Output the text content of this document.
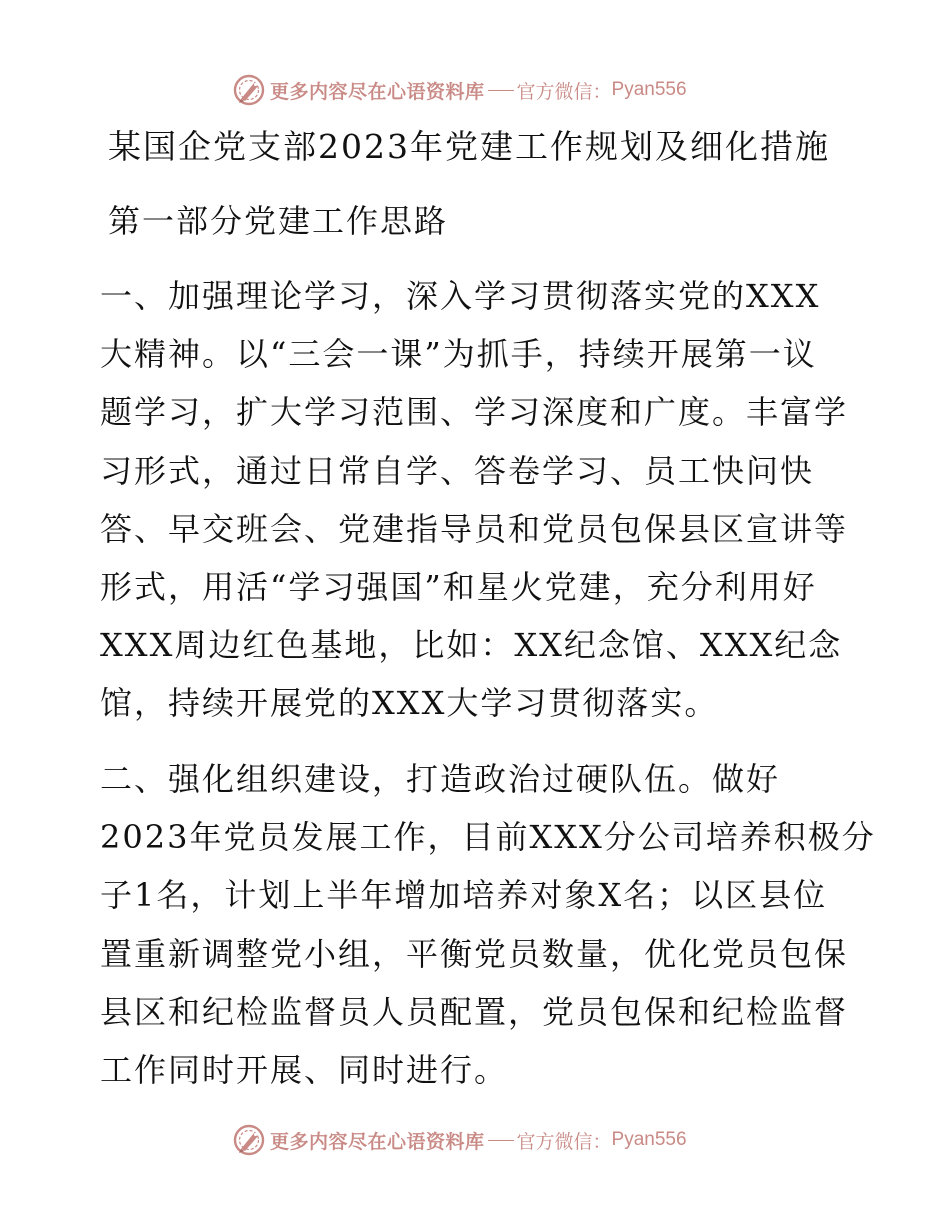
更多内容尽在心语资料库 官方微信： Pyan556
某国企党支部2023年党建工作规划及细化措施
第一部分党建工作思路

一、加强理论学习，深入学习贯彻落实党的XXX
大精神。以“三会一课”为抓手，持续开展第一议
题学习，扩大学习范围、学习深度和广度。丰富学
习形式，通过日常自学、答卷学习、员工快问快
答、早交班会、党建指导员和党员包保县区宣讲等
形式，用活“学习强国”和星火党建，充分利用好
XXX周边红色基地，比如：XX纪念馆、XXX纪念
馆，持续开展党的XXX大学习贯彻落实。

二、强化组织建设，打造政治过硬队伍。做好
2023年党员发展工作，目前XXX分公司培养积极分
子1名，计划上半年增加培养对象X名；以区县位
置重新调整党小组，平衡党员数量，优化党员包保
县区和纪检监督员人员配置，党员包保和纪检监督
工作同时开展、同时进行。

更多内容尽在心语资料库 官方微信： Pyan556
